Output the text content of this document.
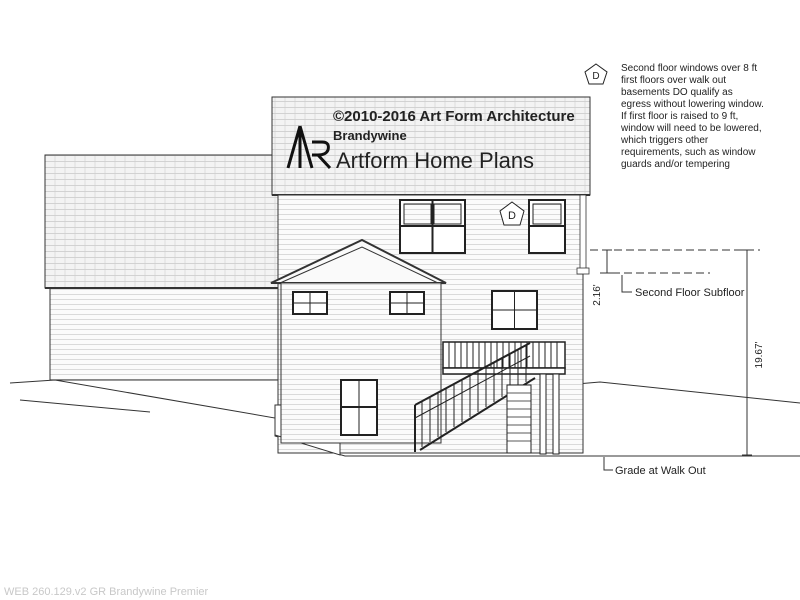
D
D
©2010-2016 Art Form Architecture
Brandywine
Artform Home Plans
Second floor windows over 8 ft
first floors over walk out
basements DO qualify as
egress without lowering window.
If first floor is raised to 9 ft,
window will need to be lowered,
which triggers other
requirements, such as window
guards and/or tempering
2.16'
19.67'
Second Floor Subfloor
Grade at Walk Out
WEB 260.129.v2 GR Brandywine Premier
